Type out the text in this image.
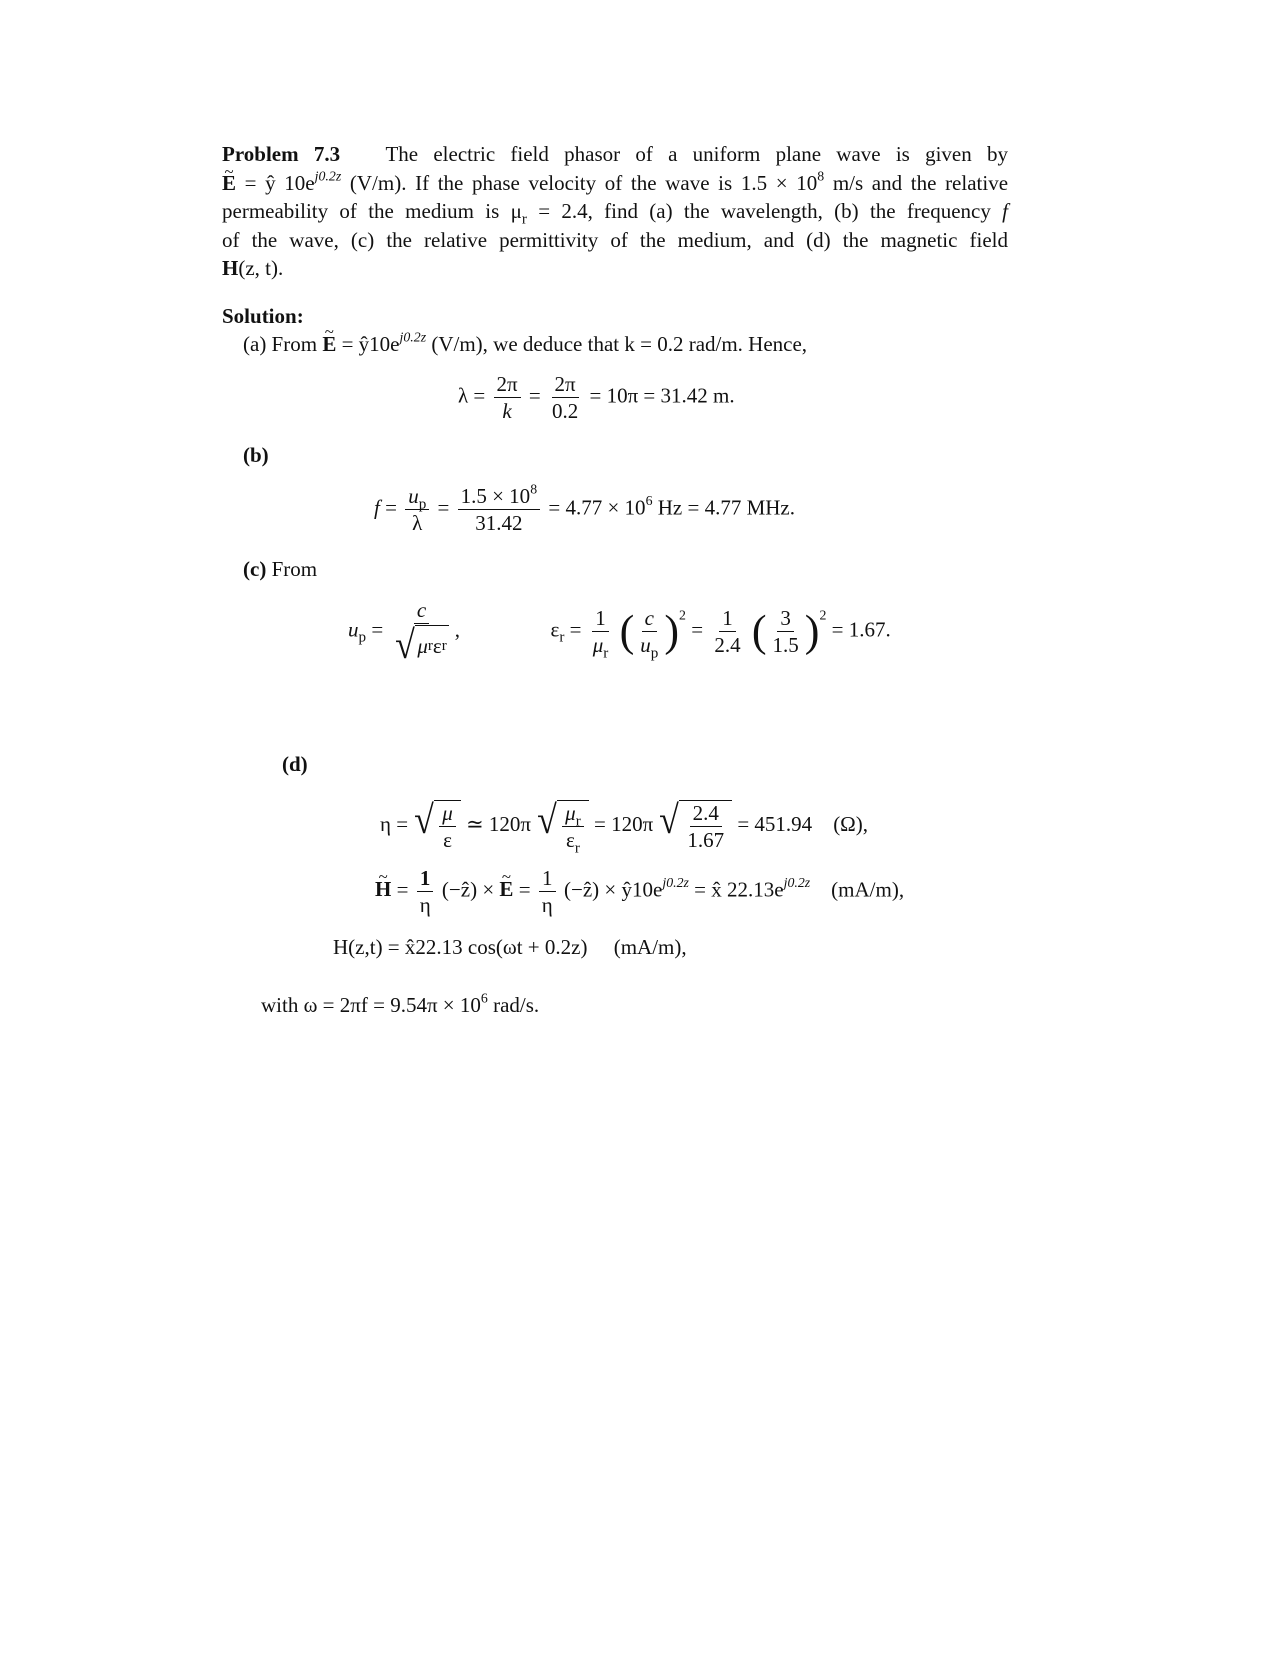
Problem 7.3 The electric field phasor of a uniform plane wave is given by
~ E = ŷ $10e^{j0.2z}$ (V/m). If the phase velocity of the wave is $1.5 \times 10^8$ m/s and the relative
permeability of the medium is $\mu_r = 2.4$, find (a) the wavelength, (b) the frequency f
of the wave, (c) the relative permittivity of the medium, and (d) the magnetic field
H(z, t).
Solution:
(a) From ~ $E = ŷ10e^{j0.2z}$ (V/m), we deduce that k = 0.2 rad/m. Hence,
$\lambda = \frac{2\pi}{k} = \frac{2\pi}{0.2} = 10\pi = 31.42$ m.
(b)
$f = \frac{u_p}{\lambda} = \frac{1.5 \times 10^8}{31.42} = 4.77 \times 10^6$ Hz = 4.77 MHz.
(c) From
$u_p = \frac{c}{\text{√ μ r ε r}}$ ,	$\varepsilon_r = \frac{1}{\mu_r}$ ( $\frac{c}{u_p} )^2 = \frac{1}{2.4}$ ( $\frac{3}{1.5} )^2 = 1.67$.
(d)
η = √ $\frac{\mu}{\varepsilon}$ ≃ 120π √ $\frac{\mu_r}{\varepsilon_r} = 120\pi$ √ $\frac{2.4}{1.67} = 451.94$ (Ω),
~ $H = \frac{1}{\eta}$ (−ẑ) × ~ $E = \frac{1}{\eta}$ (−ẑ) × $ŷ10e^{j0.2z}$ = x̂ $22.13e^{j0.2z}$ (mA/m),
H(z,t) = x̂22.13 cos(ωt + 0.2z) (mA/m),
with $\omega = 2\pi f = 9.54\pi \times 10^6$ rad/s.
